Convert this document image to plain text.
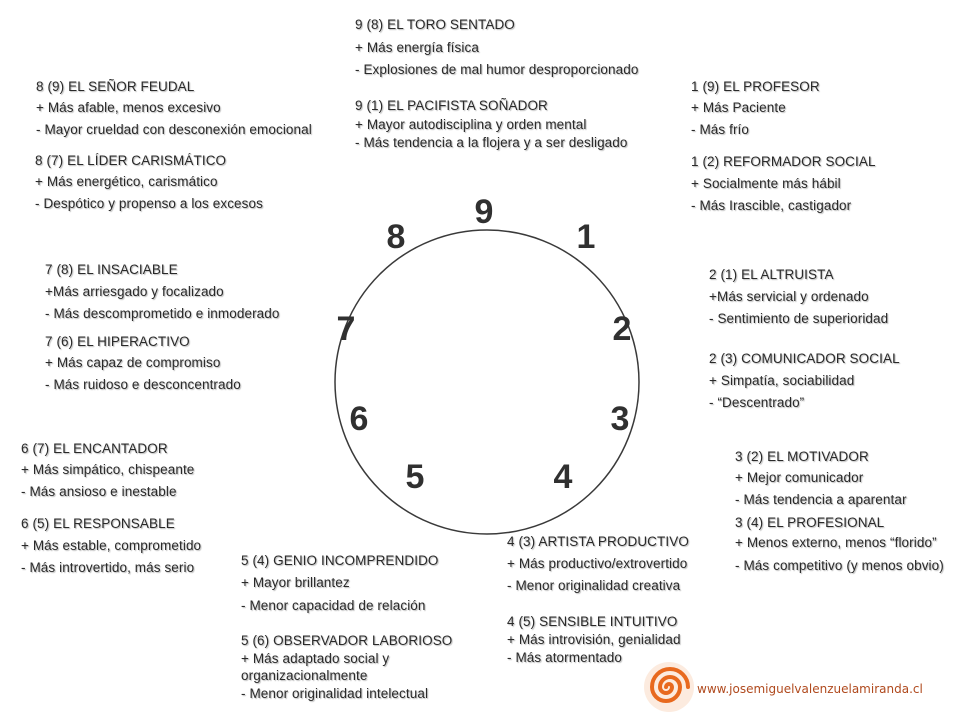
9
1
2
3
4
5
6
7
8
9 (8) EL TORO SENTADO
+ Más energía física
- Explosiones de mal humor desproporcionado
9 (1) EL PACIFISTA SOÑADOR
+ Mayor autodisciplina y orden mental
- Más tendencia a la flojera y a ser desligado
8 (9) EL SEÑOR FEUDAL
+ Más afable, menos excesivo
- Mayor crueldad con desconexión emocional
8 (7) EL LÍDER CARISMÁTICO
+ Más energético, carismático
- Despótico y propenso a los excesos
1 (9) EL PROFESOR
+ Más Paciente
- Más frío
1 (2) REFORMADOR SOCIAL
+ Socialmente más hábil
- Más Irascible, castigador
7 (8) EL INSACIABLE
+Más arriesgado y focalizado
- Más descomprometido e inmoderado
7 (6) EL HIPERACTIVO
+ Más capaz de compromiso
- Más ruidoso e desconcentrado
2 (1) EL ALTRUISTA
+Más servicial y ordenado
- Sentimiento de superioridad
2 (3) COMUNICADOR SOCIAL
+ Simpatía, sociabilidad
- “Descentrado”
6 (7) EL ENCANTADOR
+ Más simpático, chispeante
- Más ansioso e inestable
6 (5) EL RESPONSABLE
+ Más estable, comprometido
- Más introvertido, más serio
3 (2) EL MOTIVADOR
+ Mejor comunicador
- Más tendencia a aparentar
3 (4) EL PROFESIONAL
+ Menos externo, menos “florido”
- Más competitivo (y menos obvio)
4 (3) ARTISTA PRODUCTIVO
+ Más productivo/extrovertido
- Menor originalidad creativa
4 (5) SENSIBLE INTUITIVO
+ Más introvisión, genialidad
- Más atormentado
5 (4) GENIO INCOMPRENDIDO
+ Mayor brillantez
- Menor capacidad de relación
5 (6) OBSERVADOR LABORIOSO
+ Más adaptado social y
organizacionalmente
- Menor originalidad intelectual	www.josemiguelvalenzuelamiranda.cl
